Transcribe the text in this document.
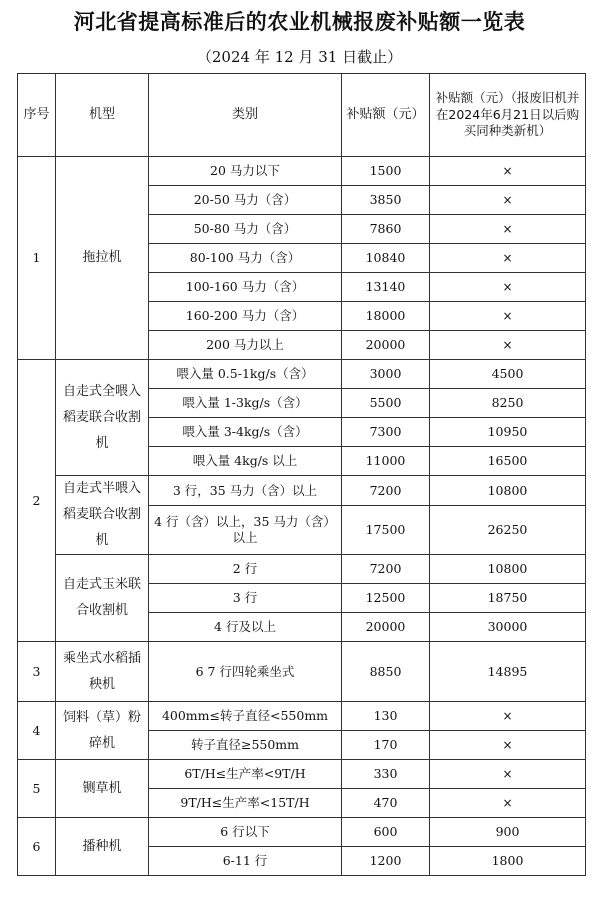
河北省提高标准后的农业机械报废补贴额一览表
（2024 年 12 月 31 日截止）
序号	机型	类别	补贴额（元）	补贴额（元）（报废旧机并在2024年6月21日以后购买同种类新机）
1	拖拉机	20 马力以下	1500	×
		20-50 马力（含）	3850	×
		50-80 马力（含）	7860	×
		80-100 马力（含）	10840	×
		100-160 马力（含）	13140	×
		160-200 马力（含）	18000	×
		200 马力以上	20000	×
2	自走式全喂入稻麦联合收割机	喂入量 0.5-1kg/s（含）	3000	4500
		喂入量 1-3kg/s（含）	5500	8250
		喂入量 3-4kg/s（含）	7300	10950
		喂入量 4kg/s 以上	11000	16500
	自走式半喂入稻麦联合收割机	3 行，35 马力（含）以上	7200	10800
		4 行（含）以上，35 马力（含）以上	17500	26250
	自走式玉米联合收割机	2 行	7200	10800
		3 行	12500	18750
		4 行及以上	20000	30000
3	乘坐式水稻插秧机	6 7 行四轮乘坐式	8850	14895
4	饲料（草）粉碎机	400mm≤转子直径<550mm	130	×
		转子直径≥550mm	170	×
5	铡草机	6T/H≤生产率<9T/H	330	×
		9T/H≤生产率<15T/H	470	×
6	播种机	6 行以下	600	900
		6-11 行	1200	1800
